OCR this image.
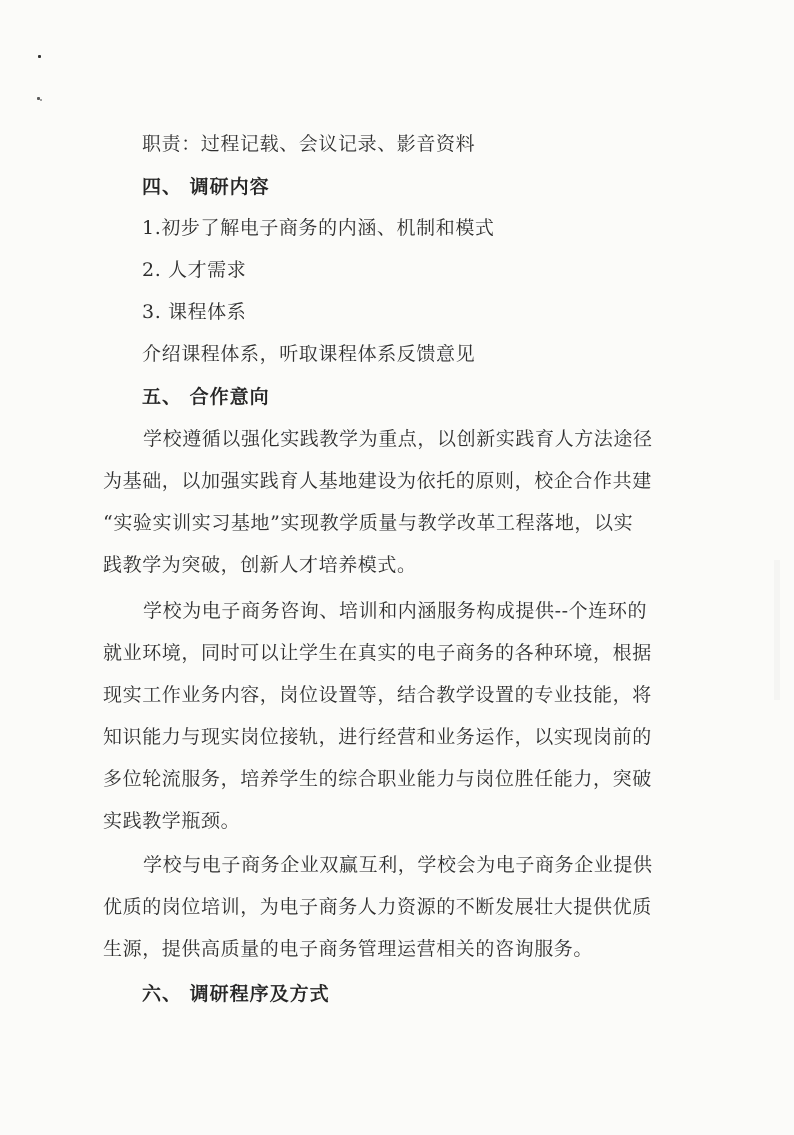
职责：过程记载、会议记录、影音资料
四、 调研内容
1.初步了解电子商务的内涵、机制和模式
2. 人才需求
3. 课程体系
介绍课程体系，听取课程体系反馈意见
五、 合作意向
学校遵循以强化实践教学为重点，以创新实践育人方法途径
为基础，以加强实践育人基地建设为依托的原则，校企合作共建
“实验实训实习基地”实现教学质量与教学改革工程落地，以实
践教学为突破，创新人才培养模式。
学校为电子商务咨询、培训和内涵服务构成提供--个连环的
就业环境，同时可以让学生在真实的电子商务的各种环境，根据
现实工作业务内容，岗位设置等，结合教学设置的专业技能，将
知识能力与现实岗位接轨，进行经营和业务运作，以实现岗前的
多位轮流服务，培养学生的综合职业能力与岗位胜任能力，突破
实践教学瓶颈。
学校与电子商务企业双赢互利，学校会为电子商务企业提供
优质的岗位培训，为电子商务人力资源的不断发展壮大提供优质
生源，提供高质量的电子商务管理运营相关的咨询服务。
六、 调研程序及方式
